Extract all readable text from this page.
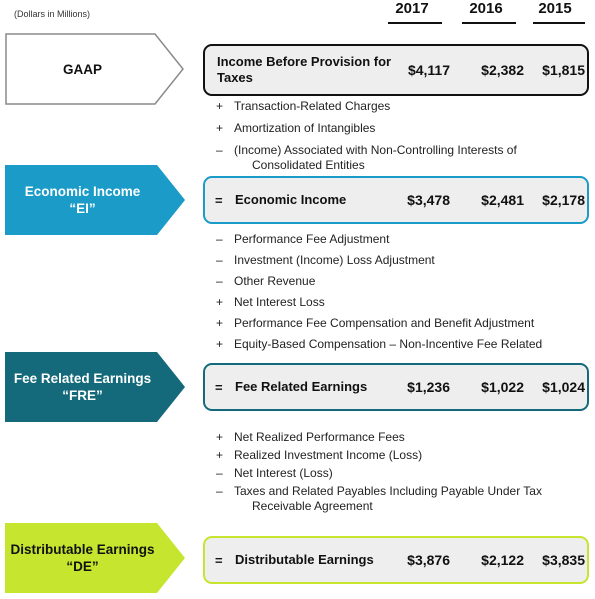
(Dollars in Millions)	2017	2016	2015
GAAP	Income Before Provision for Taxes	$4,117	$2,382	$1,815
+ Transaction-Related Charges
+ Amortization of Intangibles
– (Income) Associated with Non-Controlling Interests of
Consolidated Entities
Economic Income
“EI”
= Economic Income	$3,478	$2,481	$2,178
– Performance Fee Adjustment
– Investment (Income) Loss Adjustment
– Other Revenue
+ Net Interest Loss
+ Performance Fee Compensation and Benefit Adjustment
+ Equity-Based Compensation – Non-Incentive Fee Related
Fee Related Earnings
“FRE”
= Fee Related Earnings	$1,236	$1,022	$1,024
+ Net Realized Performance Fees
+ Realized Investment Income (Loss)
– Net Interest (Loss)
– Taxes and Related Payables Including Payable Under Tax
Receivable Agreement
Distributable Earnings
“DE”	= Distributable Earnings	$3,876	$2,122	$3,835
